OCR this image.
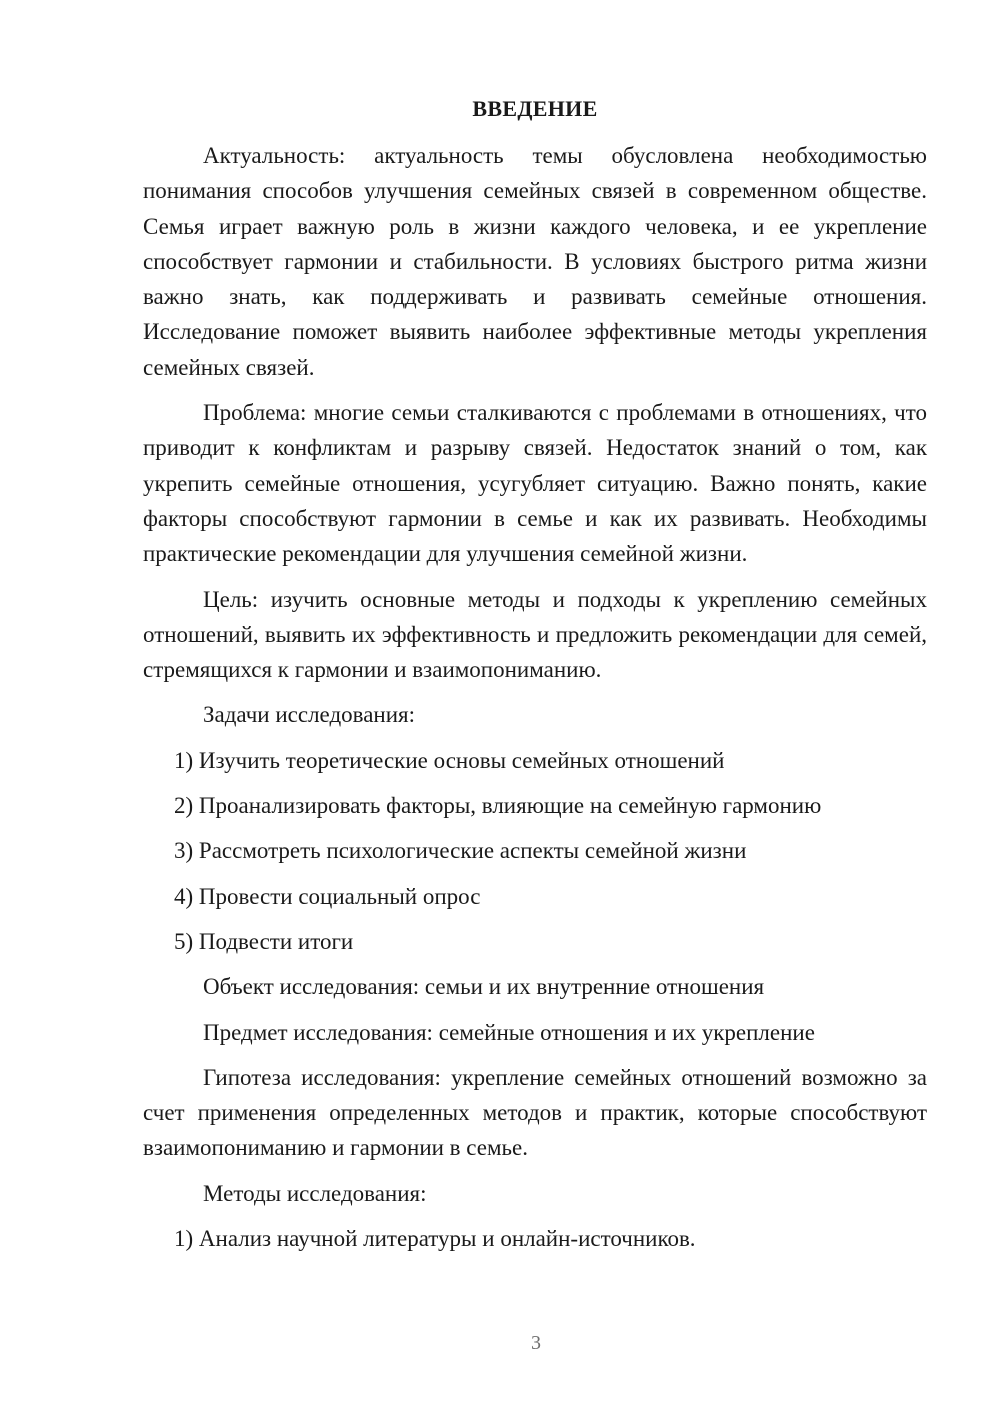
ВВЕДЕНИЕ

Актуальность: актуальность темы обусловлена необходимостью понимания способов улучшения семейных связей в современном обществе. Семья играет важную роль в жизни каждого человека, и ее укрепление способствует гармонии и стабильности. В условиях быстрого ритма жизни важно знать, как поддерживать и развивать семейные отношения. Исследование поможет выявить наиболее эффективные методы укрепления семейных связей.

Проблема: многие семьи сталкиваются с проблемами в отношениях, что приводит к конфликтам и разрыву связей. Недостаток знаний о том, как укрепить семейные отношения, усугубляет ситуацию. Важно понять, какие факторы способствуют гармонии в семье и как их развивать. Необходимы практические рекомендации для улучшения семейной жизни.

Цель: изучить основные методы и подходы к укреплению семейных отношений, выявить их эффективность и предложить рекомендации для семей, стремящихся к гармонии и взаимопониманию.

Задачи исследования:

1) Изучить теоретические основы семейных отношений

2) Проанализировать факторы, влияющие на семейную гармонию

3) Рассмотреть психологические аспекты семейной жизни

4) Провести социальный опрос

5) Подвести итоги

Объект исследования: семьи и их внутренние отношения

Предмет исследования: семейные отношения и их укрепление

Гипотеза исследования: укрепление семейных отношений возможно за счет применения определенных методов и практик, которые способствуют взаимопониманию и гармонии в семье.

Методы исследования:

1) Анализ научной литературы и онлайн-источников.

3
